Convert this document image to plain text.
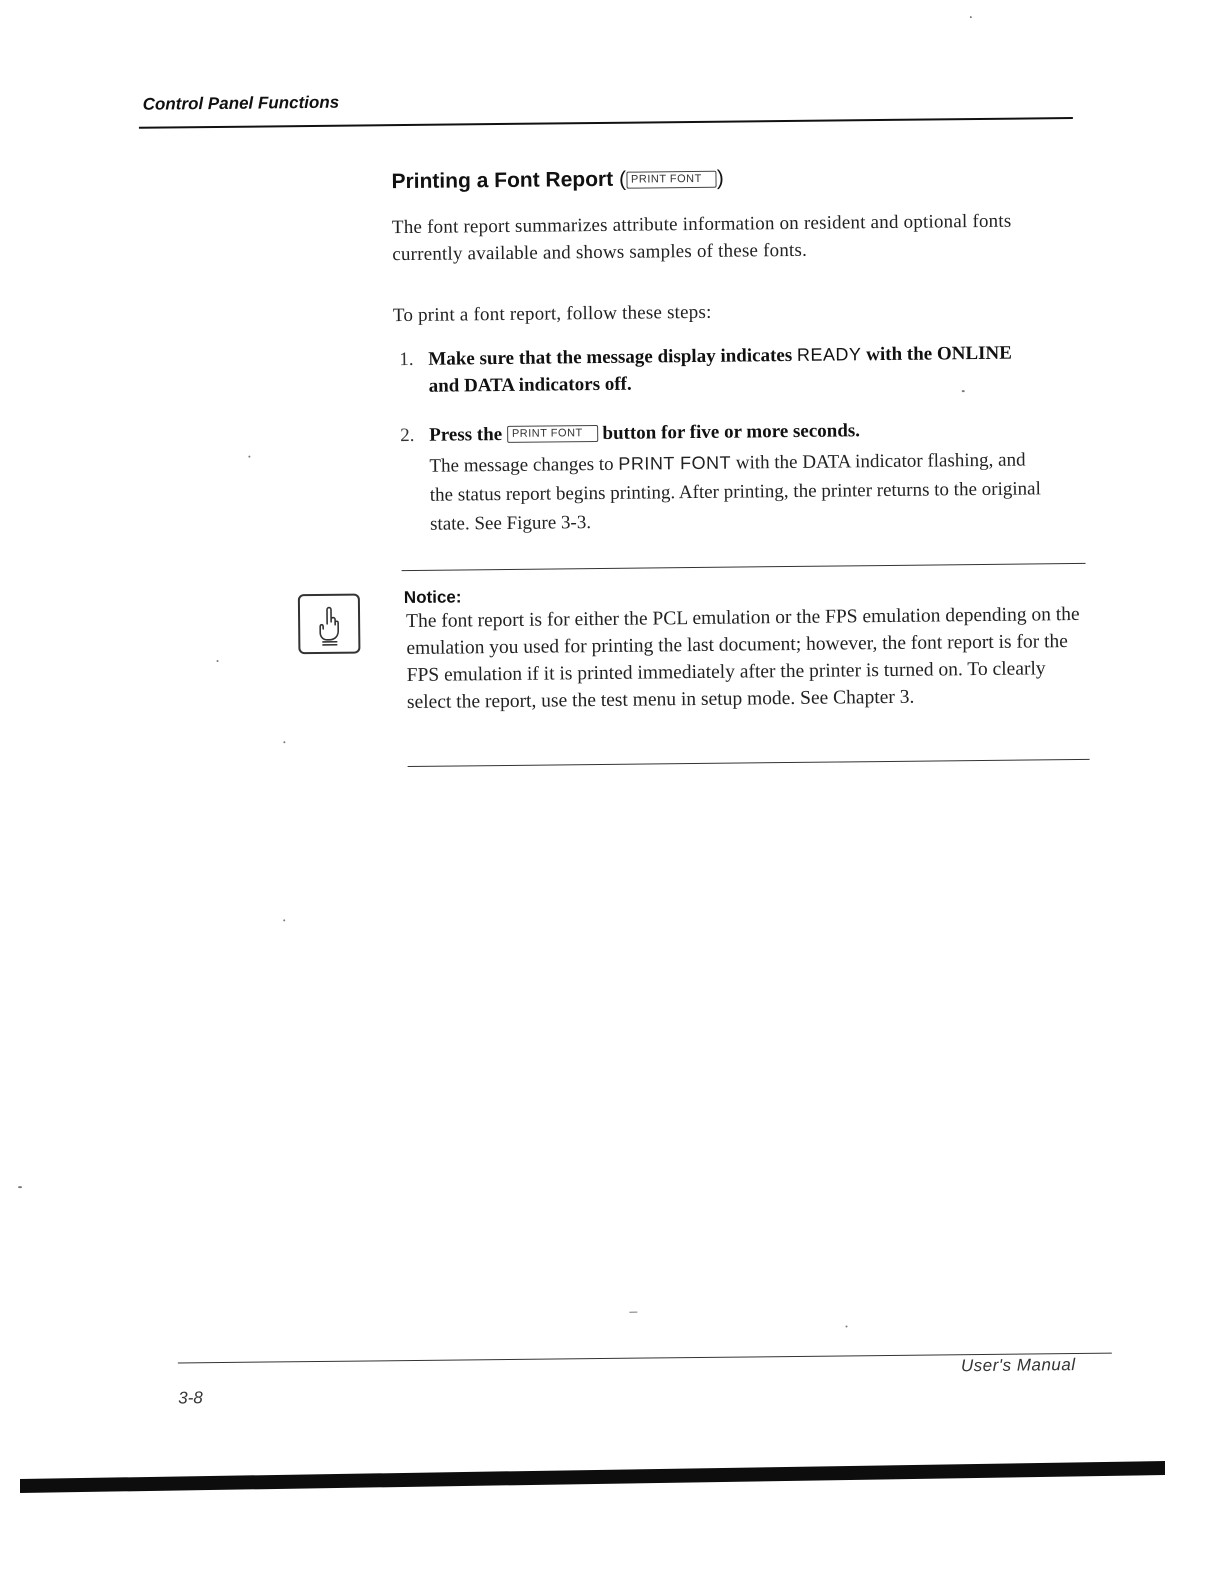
Control Panel Functions
Printing a Font Report ( PRINT FONT )
The font report summarizes attribute information on resident and optional fonts currently available and shows samples of these fonts.
To print a font report, follow these steps:
1. Make sure that the message display indicates READY with the ONLINE and DATA indicators off.
2. Press the PRINT FONT button for five or more seconds.
The message changes to PRINT FONT with the DATA indicator flashing, and the status report begins printing. After printing, the printer returns to the original state. See Figure 3-3.
Notice:
The font report is for either the PCL emulation or the FPS emulation depending on the emulation you used for printing the last document; however, the font report is for the FPS emulation if it is printed immediately after the printer is turned on. To clearly select the report, use the test menu in setup mode. See Chapter 3.
3-8
User's Manual
